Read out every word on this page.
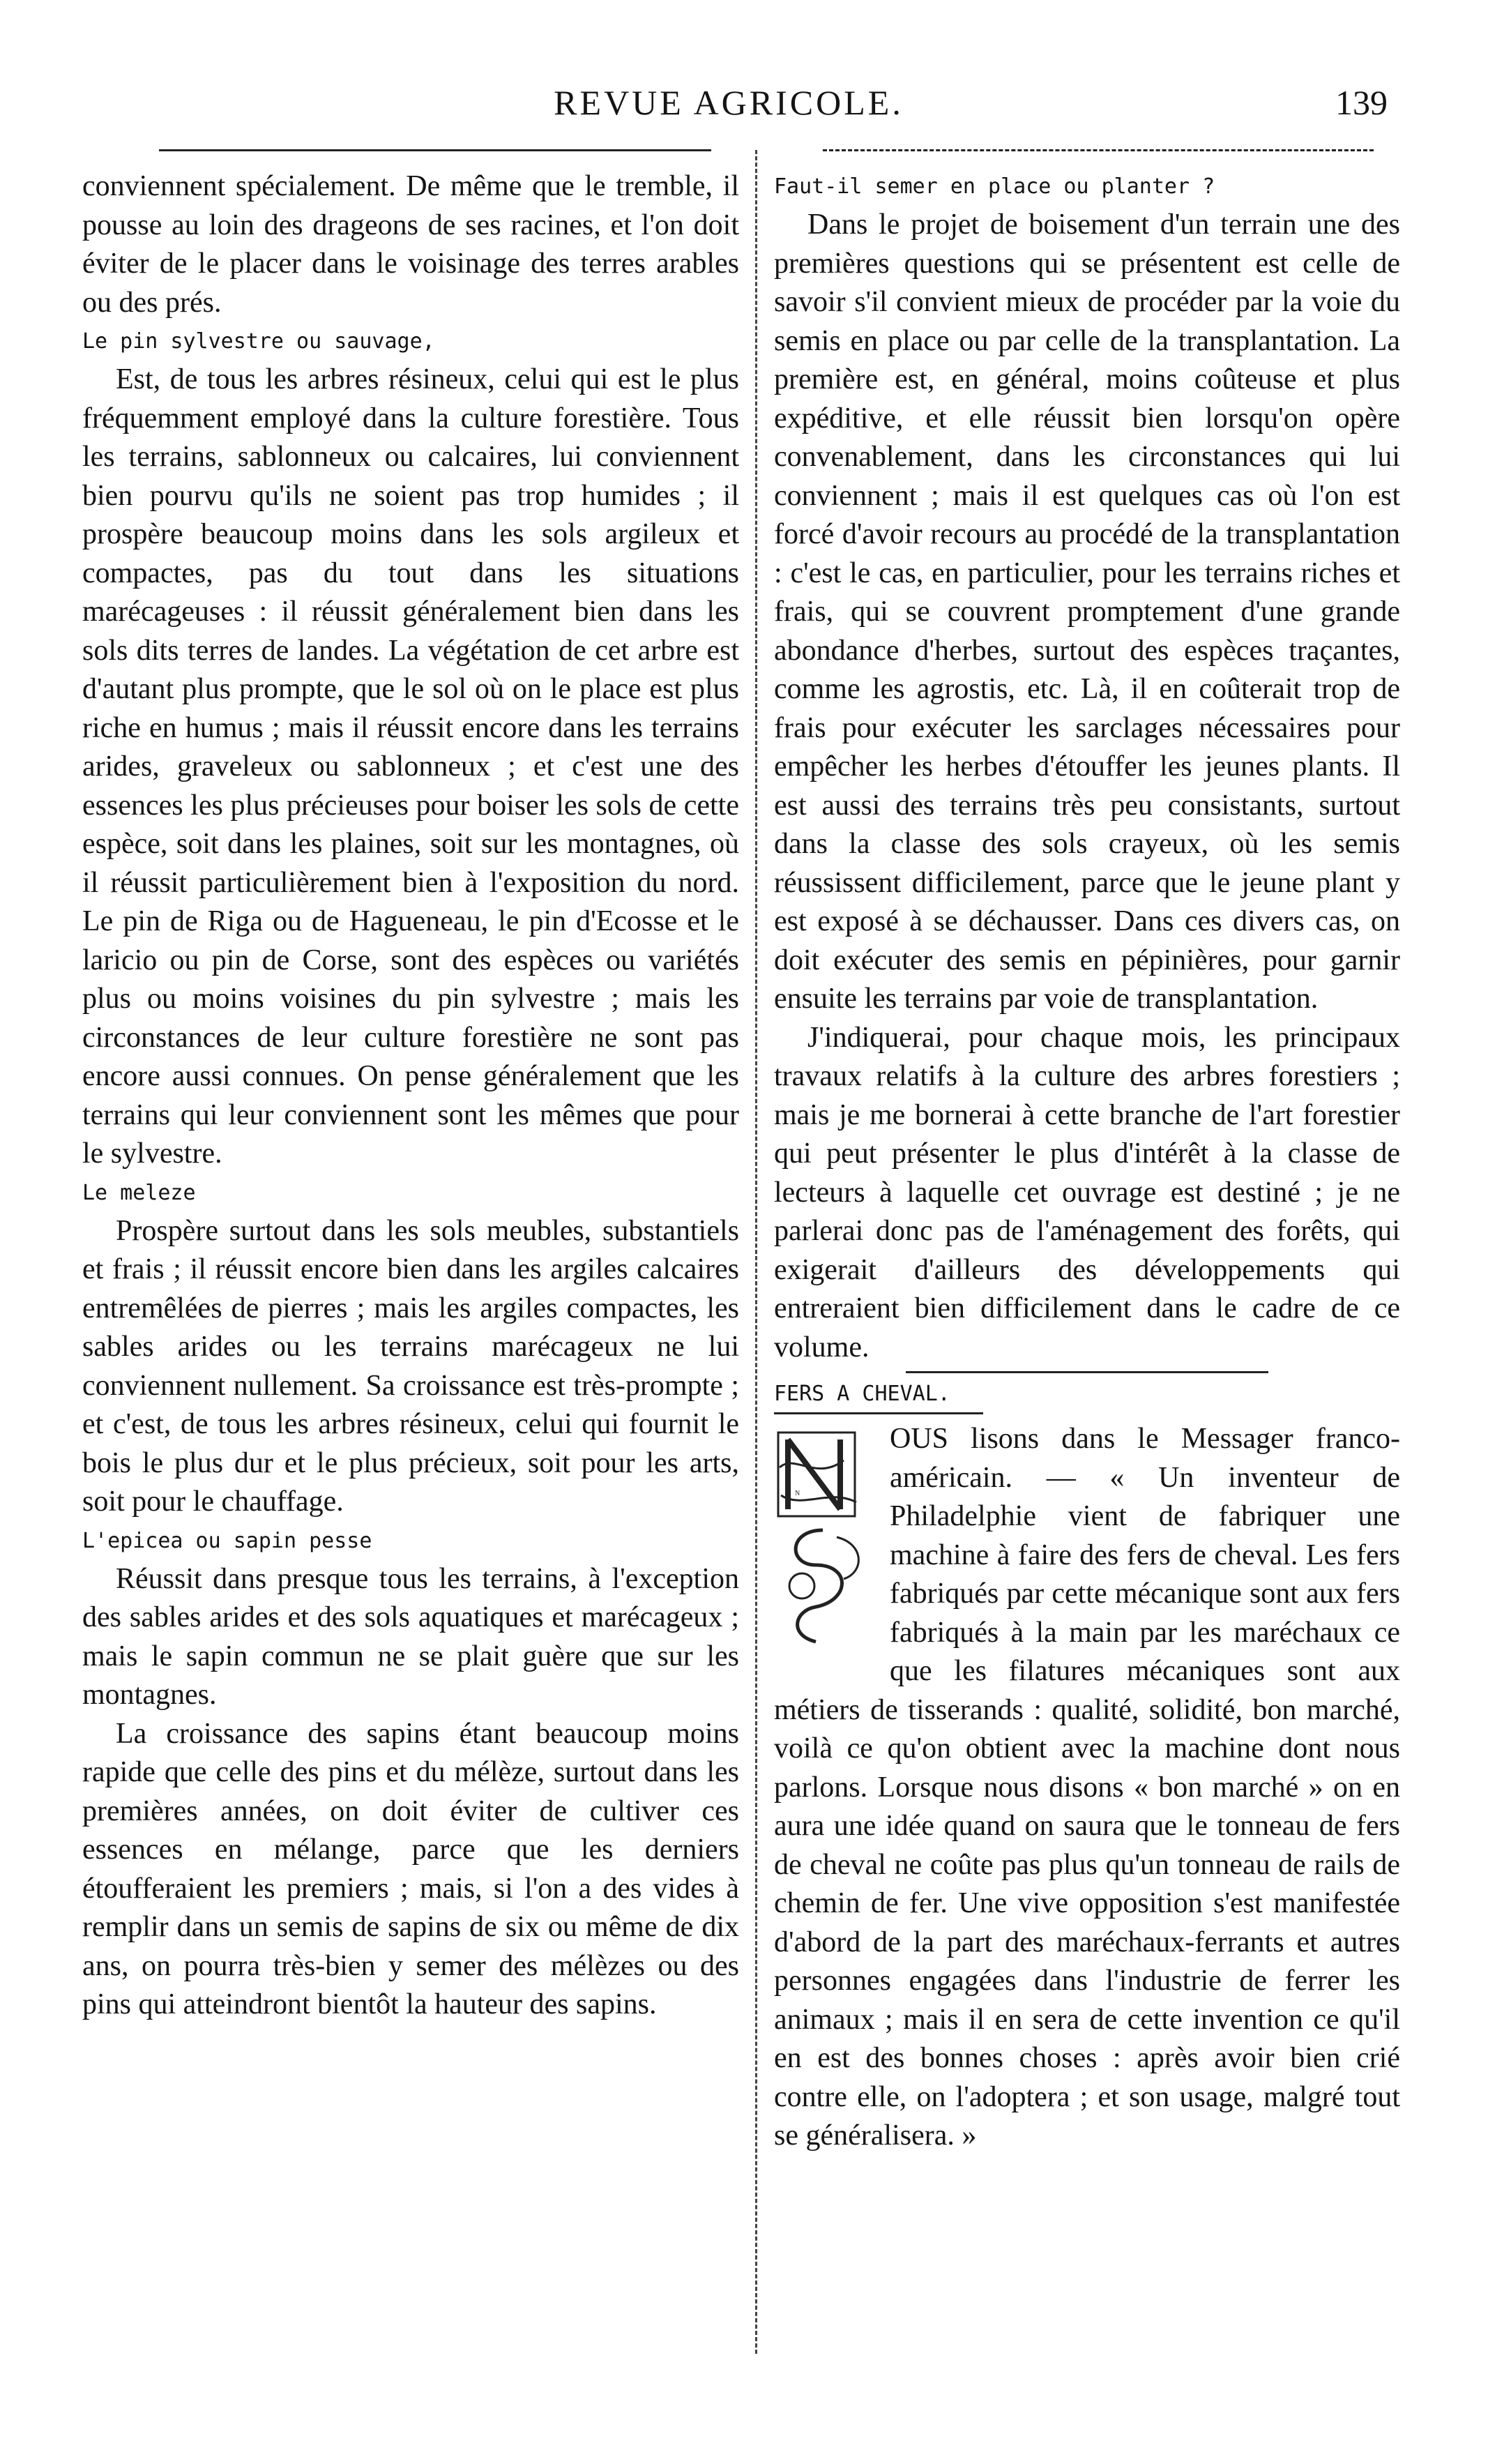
REVUE AGRICOLE.	139

conviennent spécialement. De même que le tremble, il pousse au loin des drageons de ses racines, et l'on doit éviter de le placer dans le voisinage des terres arables ou des prés.

Le pin sylvestre ou sauvage,

Est, de tous les arbres résineux, celui qui est le plus fréquemment employé dans la culture forestière. Tous les terrains, sablonneux ou calcaires, lui conviennent bien pourvu qu'ils ne soient pas trop humides ; il prospère beaucoup moins dans les sols argileux et compactes, pas du tout dans les situations marécageuses : il réussit généralement bien dans les sols dits terres de landes. La végétation de cet arbre est d'autant plus prompte, que le sol où on le place est plus riche en humus ; mais il réussit encore dans les terrains arides, graveleux ou sablonneux ; et c'est une des essences les plus précieuses pour boiser les sols de cette espèce, soit dans les plaines, soit sur les montagnes, où il réussit particulièrement bien à l'exposition du nord. Le pin de Riga ou de Hagueneau, le pin d'Ecosse et le laricio ou pin de Corse, sont des espèces ou variétés plus ou moins voisines du pin sylvestre ; mais les circonstances de leur culture forestière ne sont pas encore aussi connues. On pense généralement que les terrains qui leur conviennent sont les mêmes que pour le sylvestre.

Le meleze

Prospère surtout dans les sols meubles, substantiels et frais ; il réussit encore bien dans les argiles calcaires entremêlées de pierres ; mais les argiles compactes, les sables arides ou les terrains marécageux ne lui conviennent nullement. Sa croissance est très-prompte ; et c'est, de tous les arbres résineux, celui qui fournit le bois le plus dur et le plus précieux, soit pour les arts, soit pour le chauffage.

L'epicea ou sapin pesse

Réussit dans presque tous les terrains, à l'exception des sables arides et des sols aquatiques et marécageux ; mais le sapin commun ne se plait guère que sur les montagnes.

La croissance des sapins étant beaucoup moins rapide que celle des pins et du mélèze, surtout dans les premières années, on doit éviter de cultiver ces essences en mélange, parce que les derniers étoufferaient les premiers ; mais, si l'on a des vides à remplir dans un semis de sapins de six ou même de dix ans, on pourra très-bien y semer des mélèzes ou des pins qui atteindront bientôt la hauteur des sapins.

Faut-il semer en place ou planter ?

Dans le projet de boisement d'un terrain une des premières questions qui se présentent est celle de savoir s'il convient mieux de procéder par la voie du semis en place ou par celle de la transplantation. La première est, en général, moins coûteuse et plus expéditive, et elle réussit bien lorsqu'on opère convenablement, dans les circonstances qui lui conviennent ; mais il est quelques cas où l'on est forcé d'avoir recours au procédé de la transplantation : c'est le cas, en particulier, pour les terrains riches et frais, qui se couvrent promptement d'une grande abondance d'herbes, surtout des espèces traçantes, comme les agrostis, etc. Là, il en coûterait trop de frais pour exécuter les sarclages nécessaires pour empêcher les herbes d'étouffer les jeunes plants. Il est aussi des terrains très peu consistants, surtout dans la classe des sols crayeux, où les semis réussissent difficilement, parce que le jeune plant y est exposé à se déchausser. Dans ces divers cas, on doit exécuter des semis en pépinières, pour garnir ensuite les terrains par voie de transplantation.

J'indiquerai, pour chaque mois, les principaux travaux relatifs à la culture des arbres forestiers ; mais je me bornerai à cette branche de l'art forestier qui peut présenter le plus d'intérêt à la classe de lecteurs à laquelle cet ouvrage est destiné ; je ne parlerai donc pas de l'aménagement des forêts, qui exigerait d'ailleurs des développements qui entreraient bien difficilement dans le cadre de ce volume.

FERS A CHEVAL.

N

OUS lisons dans le Messager franco-américain. — « Un inventeur de Philadelphie vient de fabriquer une machine à faire des fers de cheval. Les fers fabriqués par cette mécanique sont aux fers fabriqués à la main par les maréchaux ce que les filatures mécaniques sont aux métiers de tisserands : qualité, solidité, bon marché, voilà ce qu'on obtient avec la machine dont nous parlons. Lorsque nous disons « bon marché » on en aura une idée quand on saura que le tonneau de fers de cheval ne coûte pas plus qu'un tonneau de rails de chemin de fer. Une vive opposition s'est manifestée d'abord de la part des maréchaux-ferrants et autres personnes engagées dans l'industrie de ferrer les animaux ; mais il en sera de cette invention ce qu'il en est des bonnes choses : après avoir bien crié contre elle, on l'adoptera ; et son usage, malgré tout se généralisera. »
